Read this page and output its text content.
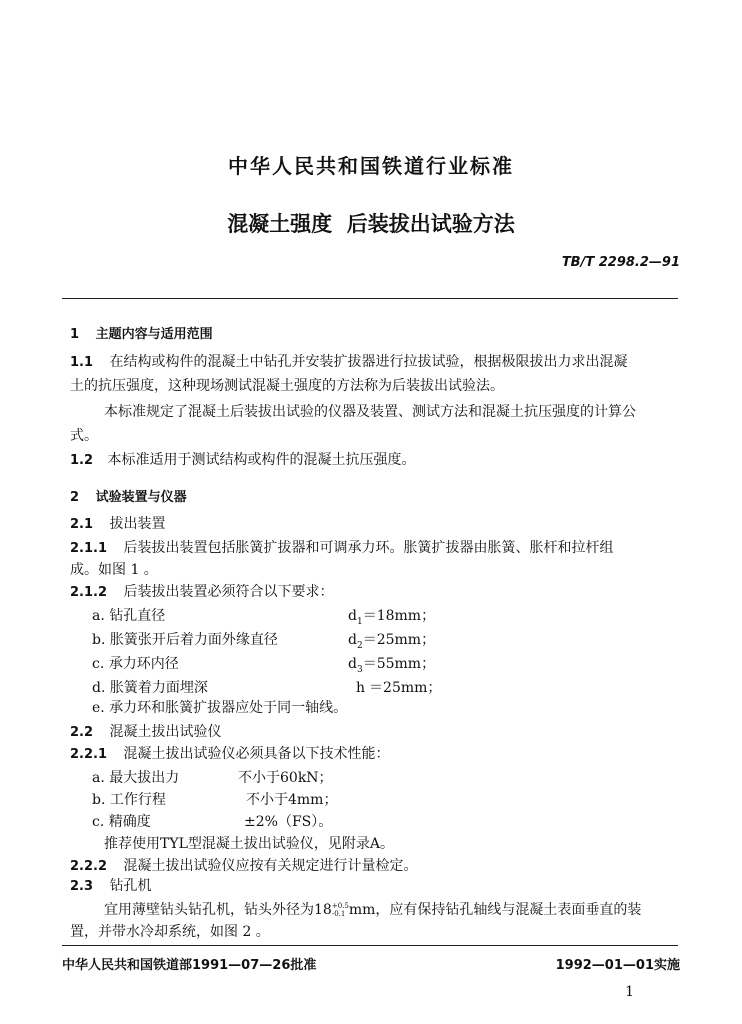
中华人民共和国铁道行业标准
混凝土强度  后装拔出试验方法
TB/T 2298.2—91
1 主题内容与适用范围
1.1 在结构或构件的混凝土中钻孔并安装扩拔器进行拉拔试验，根据极限拔出力求出混凝
土的抗压强度，这种现场测试混凝土强度的方法称为后装拔出试验法。
本标准规定了混凝土后装拔出试验的仪器及装置、测试方法和混凝土抗压强度的计算公
式。
1.2 本标准适用于测试结构或构件的混凝土抗压强度。
2 试验装置与仪器
2.1 拔出装置
2.1.1 后装拔出装置包括胀簧扩拔器和可调承力环。胀簧扩拔器由胀簧、胀杆和拉杆组
成。如图 1 。
2.1.2 后装拔出装置必须符合以下要求：
a. 钻孔直径	$d_1=18mm$；
b. 胀簧张开后着力面外缘直径	$d_2=25mm$；
c. 承力环内径	$d_3=55mm$；
d. 胀簧着力面埋深	h ＝25mm；
e. 承力环和胀簧扩拔器应处于同一轴线。
2.2 混凝土拔出试验仪
2.2.1 混凝土拔出试验仪必须具备以下技术性能：
a. 最大拔出力	不小于60kN；
b. 工作行程	不小于4mm；
c. 精确度	±2%（FS）。
推荐使用TYL型混凝土拔出试验仪，见附录A。
2.2.2 混凝土拔出试验仪应按有关规定进行计量检定。
2.3 钻孔机
宜用薄壁钻头钻孔机，钻头外径为18 +0.5
-0.1 mm，应有保持钻孔轴线与混凝土表面垂直的装
置，并带水冷却系统，如图 2 。
中华人民共和国铁道部1991—07—26批准	1992—01—01实施
1
